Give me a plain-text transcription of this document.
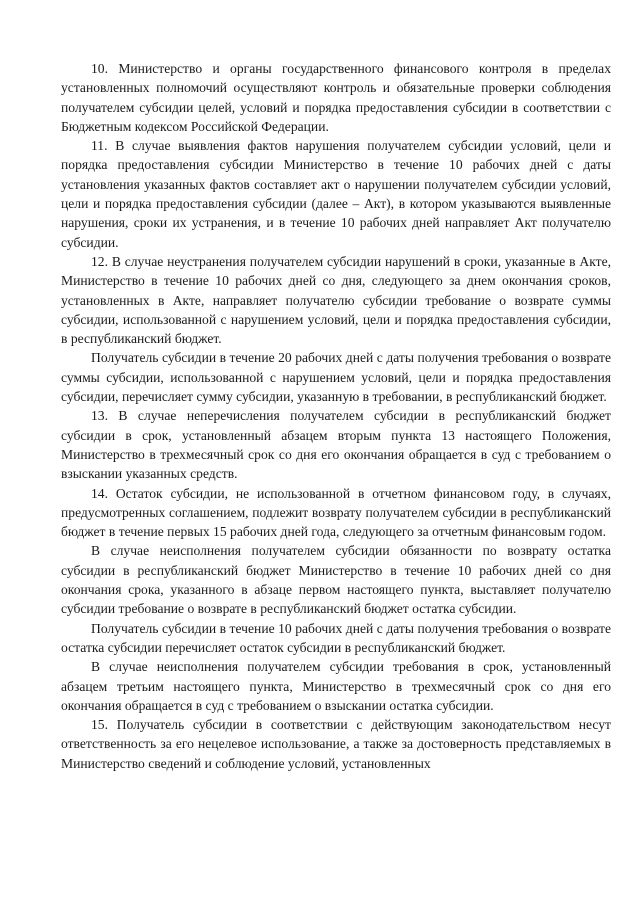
10. Министерство и органы государственного финансового контроля в пределах установленных полномочий осуществляют контроль и обязательные проверки соблюдения получателем субсидии целей, условий и порядка предоставления субсидии в соответствии с Бюджетным кодексом Российской Федерации.

11. В случае выявления фактов нарушения получателем субсидии условий, цели и порядка предоставления субсидии Министерство в течение 10 рабочих дней с даты установления указанных фактов составляет акт о нарушении получателем субсидии условий, цели и порядка предоставления субсидии (далее – Акт), в котором указываются выявленные нарушения, сроки их устранения, и в течение 10 рабочих дней направляет Акт получателю субсидии.

12. В случае неустранения получателем субсидии нарушений в сроки, указанные в Акте, Министерство в течение 10 рабочих дней со дня, следующего за днем окончания сроков, установленных в Акте, направляет получателю субсидии требование о возврате суммы субсидии, использованной с нарушением условий, цели и порядка предоставления субсидии, в республиканский бюджет.

Получатель субсидии в течение 20 рабочих дней с даты получения требования о возврате суммы субсидии, использованной с нарушением условий, цели и порядка предоставления субсидии, перечисляет сумму субсидии, указанную в требовании, в республиканский бюджет.

13. В случае неперечисления получателем субсидии в республиканский бюджет субсидии в срок, установленный абзацем вторым пункта 13 настоящего Положения, Министерство в трехмесячный срок со дня его окончания обращается в суд с требованием о взыскании указанных средств.

14. Остаток субсидии, не использованной в отчетном финансовом году, в случаях, предусмотренных соглашением, подлежит возврату получателем субсидии в республиканский бюджет в течение первых 15 рабочих дней года, следующего за отчетным финансовым годом.

В случае неисполнения получателем субсидии обязанности по возврату остатка субсидии в республиканский бюджет Министерство в течение 10 рабочих дней со дня окончания срока, указанного в абзаце первом настоящего пункта, выставляет получателю субсидии требование о возврате в республиканский бюджет остатка субсидии.

Получатель субсидии в течение 10 рабочих дней с даты получения требования о возврате остатка субсидии перечисляет остаток субсидии в республиканский бюджет.

В случае неисполнения получателем субсидии требования в срок, установленный абзацем третьим настоящего пункта, Министерство в трехмесячный срок со дня его окончания обращается в суд с требованием о взыскании остатка субсидии.

15. Получатель субсидии в соответствии с действующим законодательством несут ответственность за его нецелевое использование, а также за достоверность представляемых в Министерство сведений и соблюдение условий, установленных
